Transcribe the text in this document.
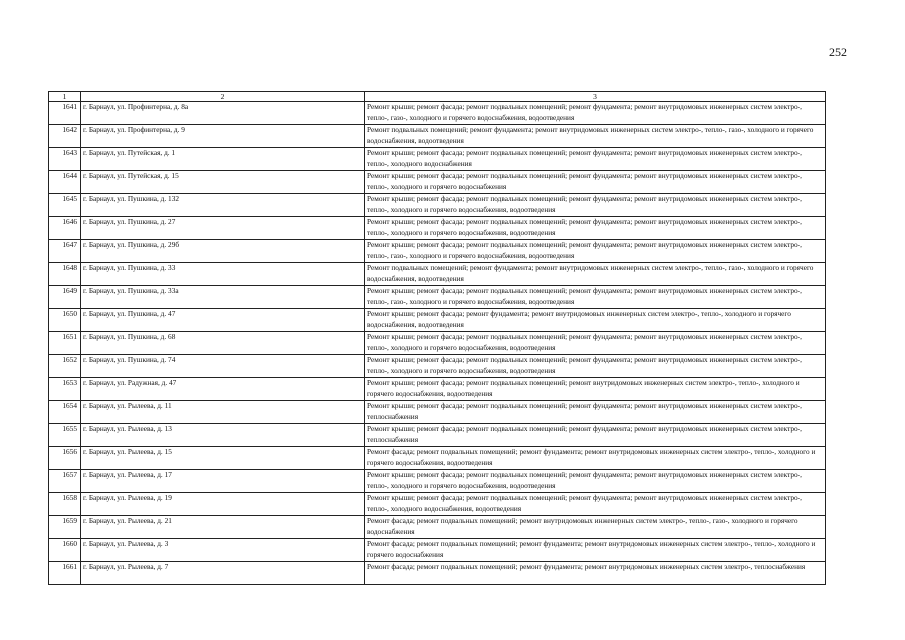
252
1	2	3
1641	г. Барнаул, ул. Профинтерна, д. 8а	Ремонт крыши; ремонт фасада; ремонт подвальных помещений; ремонт фундамента; ремонт внутридомовых инженерных систем электро-, тепло-, газо-, холодного и горячего водоснабжения, водоотведения
1642	г. Барнаул, ул. Профинтерна, д. 9	Ремонт подвальных помещений; ремонт фундамента; ремонт внутридомовых инженерных систем электро-, тепло-, газо-, холодного и горячего водоснабжения, водоотведения
1643	г. Барнаул, ул. Путейская, д. 1	Ремонт крыши; ремонт фасада; ремонт подвальных помещений; ремонт фундамента; ремонт внутридомовых инженерных систем электро-, тепло-, холодного водоснабжения
1644	г. Барнаул, ул. Путейская, д. 15	Ремонт крыши; ремонт фасада; ремонт подвальных помещений; ремонт фундамента; ремонт внутридомовых инженерных систем электро-, тепло-, холодного и горячего водоснабжения
1645	г. Барнаул, ул. Пушкина, д. 132	Ремонт крыши; ремонт фасада; ремонт подвальных помещений; ремонт фундамента; ремонт внутридомовых инженерных систем электро-, тепло-, холодного и горячего водоснабжения, водоотведения
1646	г. Барнаул, ул. Пушкина, д. 27	Ремонт крыши; ремонт фасада; ремонт подвальных помещений; ремонт фундамента; ремонт внутридомовых инженерных систем электро-, тепло-, холодного и горячего водоснабжения, водоотведения
1647	г. Барнаул, ул. Пушкина, д. 29б	Ремонт крыши; ремонт фасада; ремонт подвальных помещений; ремонт фундамента; ремонт внутридомовых инженерных систем электро-, тепло-, газо-, холодного и горячего водоснабжения, водоотведения
1648	г. Барнаул, ул. Пушкина, д. 33	Ремонт подвальных помещений; ремонт фундамента; ремонт внутридомовых инженерных систем электро-, тепло-, газо-, холодного и горячего водоснабжения, водоотведения
1649	г. Барнаул, ул. Пушкина, д. 33а	Ремонт крыши; ремонт фасада; ремонт подвальных помещений; ремонт фундамента; ремонт внутридомовых инженерных систем электро-, тепло-, газо-, холодного и горячего водоснабжения, водоотведения
1650	г. Барнаул, ул. Пушкина, д. 47	Ремонт крыши; ремонт фасада; ремонт фундамента; ремонт внутридомовых инженерных систем электро-, тепло-, холодного и горячего водоснабжения, водоотведения
1651	г. Барнаул, ул. Пушкина, д. 68	Ремонт крыши; ремонт фасада; ремонт подвальных помещений; ремонт фундамента; ремонт внутридомовых инженерных систем электро-, тепло-, холодного и горячего водоснабжения, водоотведения
1652	г. Барнаул, ул. Пушкина, д. 74	Ремонт крыши; ремонт фасада; ремонт подвальных помещений; ремонт фундамента; ремонт внутридомовых инженерных систем электро-, тепло-, холодного и горячего водоснабжения, водоотведения
1653	г. Барнаул, ул. Радужная, д. 47	Ремонт крыши; ремонт фасада; ремонт подвальных помещений; ремонт внутридомовых инженерных систем электро-, тепло-, холодного и горячего водоснабжения, водоотведения
1654	г. Барнаул, ул. Рылеева, д. 11	Ремонт крыши; ремонт фасада; ремонт подвальных помещений; ремонт фундамента; ремонт внутридомовых инженерных систем электро-, теплоснабжения
1655	г. Барнаул, ул. Рылеева, д. 13	Ремонт крыши; ремонт фасада; ремонт подвальных помещений; ремонт фундамента; ремонт внутридомовых инженерных систем электро-, теплоснабжения
1656	г. Барнаул, ул. Рылеева, д. 15	Ремонт фасада; ремонт подвальных помещений; ремонт фундамента; ремонт внутридомовых инженерных систем электро-, тепло-, холодного и горячего водоснабжения, водоотведения
1657	г. Барнаул, ул. Рылеева, д. 17	Ремонт крыши; ремонт фасада; ремонт подвальных помещений; ремонт фундамента; ремонт внутридомовых инженерных систем электро-, тепло-, холодного и горячего водоснабжения, водоотведения
1658	г. Барнаул, ул. Рылеева, д. 19	Ремонт крыши; ремонт фасада; ремонт подвальных помещений; ремонт фундамента; ремонт внутридомовых инженерных систем электро-, тепло-, холодного водоснабжения, водоотведения
1659	г. Барнаул, ул. Рылеева, д. 21	Ремонт фасада; ремонт подвальных помещений; ремонт внутридомовых инженерных систем электро-, тепло-, газо-, холодного и горячего водоснабжения
1660	г. Барнаул, ул. Рылеева, д. 3	Ремонт фасада; ремонт подвальных помещений; ремонт фундамента; ремонт внутридомовых инженерных систем электро-, тепло-, холодного и горячего водоснабжения
1661	г. Барнаул, ул. Рылеева, д. 7	Ремонт фасада; ремонт подвальных помещений; ремонт фундамента; ремонт внутридомовых инженерных систем электро-, теплоснабжения
